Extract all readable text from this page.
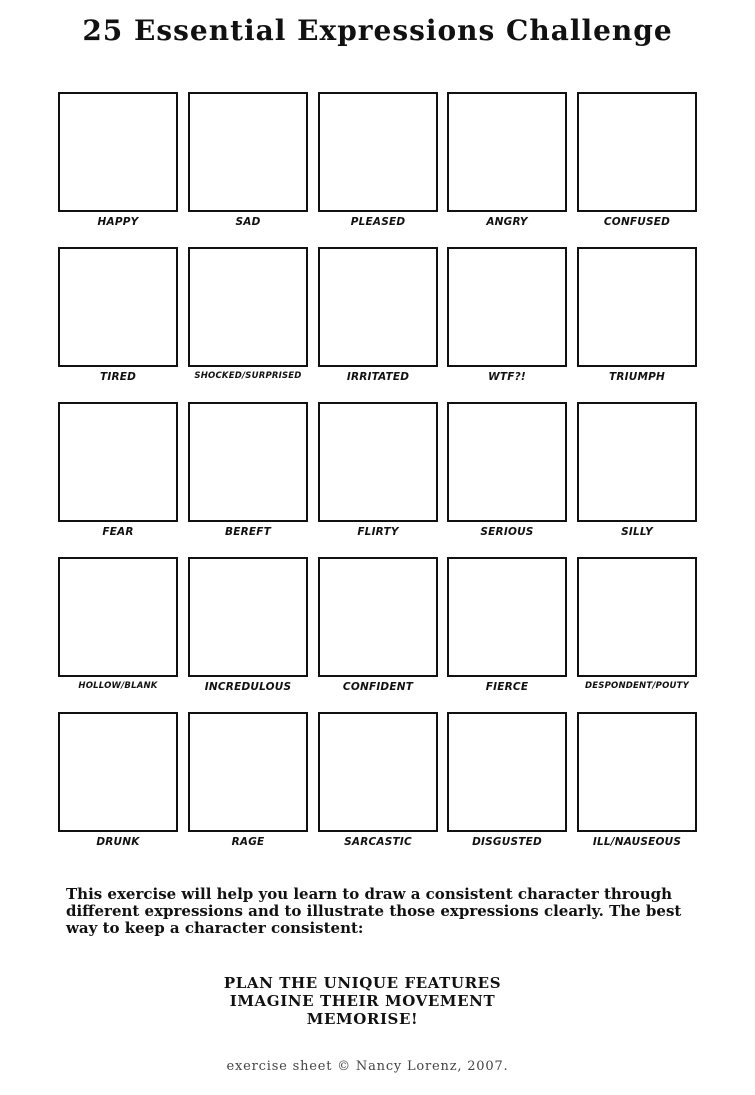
25 Essential Expressions Challenge
HAPPY	SAD	PLEASED	ANGRY	CONFUSED
TIRED	SHOCKED/SURPRISED	IRRITATED	WTF?!	TRIUMPH
FEAR	BEREFT	FLIRTY	SERIOUS	SILLY
HOLLOW/BLANK	INCREDULOUS	CONFIDENT	FIERCE	DESPONDENT/POUTY
DRUNK	RAGE	SARCASTIC	DISGUSTED	ILL/NAUSEOUS
This exercise will help you learn to draw a consistent character through different expressions and to illustrate those expressions clearly. The best way to keep a character consistent:
PLAN THE UNIQUE FEATURES
IMAGINE THEIR MOVEMENT
MEMORISE!
exercise sheet © Nancy Lorenz, 2007.
